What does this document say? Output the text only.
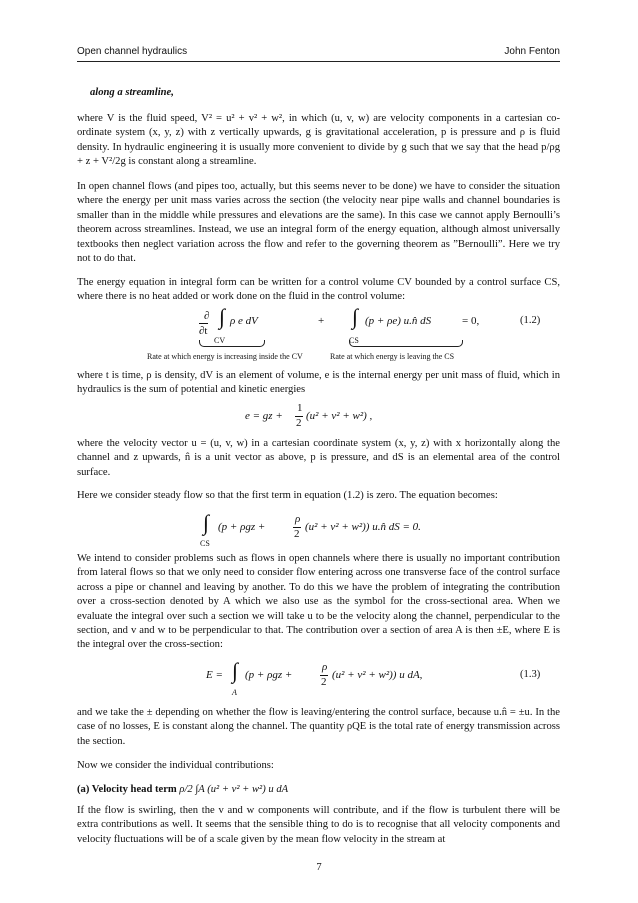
Open channel hydraulics	John Fenton

along a streamline,

where V is the fluid speed, V² = u² + v² + w², in which (u, v, w) are velocity components in a cartesian co-ordinate system (x, y, z) with z vertically upwards, g is gravitational acceleration, p is pressure and ρ is fluid density. In hydraulic engineering it is usually more convenient to divide by g such that we say that the head p/ρg + z + V²/2g is constant along a streamline.

In open channel flows (and pipes too, actually, but this seems never to be done) we have to consider the situation where the energy per unit mass varies across the section (the velocity near pipe walls and channel boundaries is smaller than in the middle while pressures and elevations are the same). In this case we cannot apply Bernoulli’s theorem across streamlines. Instead, we use an integral form of the energy equation, although almost universally textbooks then neglect variation across the flow and refer to the governing theorem as ”Bernoulli”. Here we try not to do that.

The energy equation in integral form can be written for a control volume CV bounded by a control surface CS, where there is no heat added or work done on the fluid in the control volume:

∂
∂t
∫ ρ e dV
CV
+ ∫ (p + ρe) u.n̂ dS
CS
= 0,	(1.2)
Rate at which energy is increasing inside the CV	Rate at which energy is leaving the CS

where t is time, ρ is density, dV is an element of volume, e is the internal energy per unit mass of fluid, which in hydraulics is the sum of potential and kinetic energies

e = gz +
1
2
(u² + v² + w²) ,

where the velocity vector u = (u, v, w) in a cartesian coordinate system (x, y, z) with x horizontally along the channel and z upwards, n̂ is a unit vector as above, p is pressure, and dS is an elemental area of the control surface.

Here we consider steady flow so that the first term in equation (1.2) is zero. The equation becomes:

∫
CS
(p + ρgz +
ρ
2
(u² + v² + w²)) u.n̂ dS = 0.

We intend to consider problems such as flows in open channels where there is usually no important contribution from lateral flows so that we only need to consider flow entering across one transverse face of the control surface across a pipe or channel and leaving by another. To do this we have the problem of integrating the contribution over a cross-section denoted by A which we also use as the symbol for the cross-sectional area. When we evaluate the integral over such a section we will take u to be the velocity along the channel, perpendicular to the section, and v and w to be perpendicular to that. The contribution over a section of area A is then ±E, where E is the integral over the cross-section:

E = ∫
A
(p + ρgz +
ρ
2
(u² + v² + w²)) u dA,	(1.3)

and we take the ± depending on whether the flow is leaving/entering the control surface, because u.n̂ = ±u. In the case of no losses, E is constant along the channel. The quantity ρQE is the total rate of energy transmission across the section.

Now we consider the individual contributions:

(a) Velocity head term ρ/2 ∫A (u² + v² + w²) u dA

If the flow is swirling, then the v and w components will contribute, and if the flow is turbulent there will be extra contributions as well. It seems that the sensible thing to do is to recognise that all velocity components and velocity fluctuations will be of a scale given by the mean flow velocity in the stream at

7
